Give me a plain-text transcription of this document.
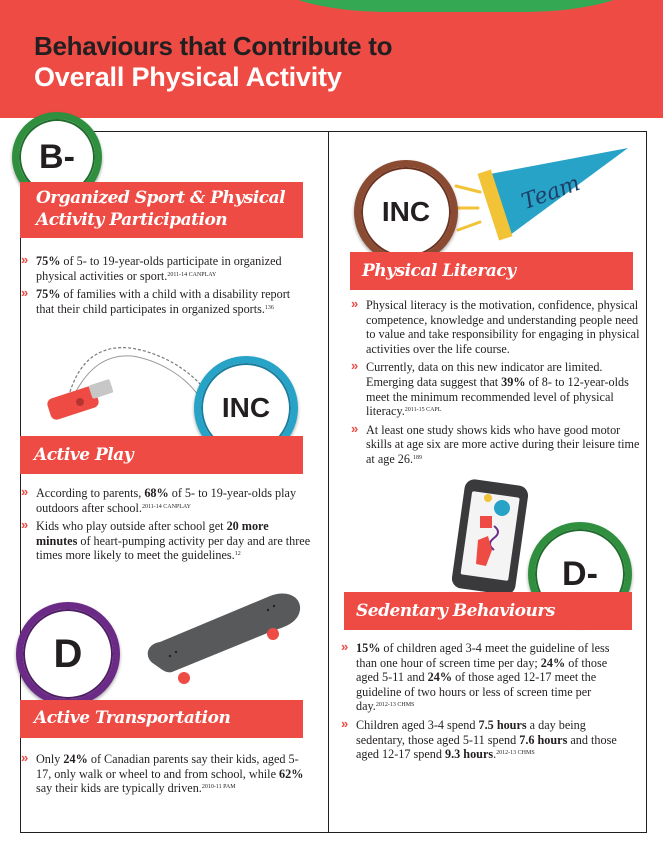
Behaviours that Contribute to
Overall Physical Activity
B-
Organized Sport & Physical
Activity Participation
» 75% of 5- to 19-year-olds participate in organized physical activities or sport.$^{2011-14 CANPLAY}$
» 75% of families with a child with a disability report that their child participates in organized sports.$^{136}$
INC
Active Play
» According to parents, 68% of 5- to 19-year-olds play outdoors after school.$^{2011-14 CANPLAY}$
» Kids who play outside after school get 20 more minutes of heart-pumping activity per day and are three times more likely to meet the guidelines.$^{12}$
D
Active Transportation
» Only 24% of Canadian parents say their kids, aged 5-17, only walk or wheel to and from school, while 62% say their kids are typically driven.$^{2010-11 PAM}$
Team
INC
Physical Literacy
» Physical literacy is the motivation, confidence, physical competence, knowledge and understanding people need to value and take responsibility for engaging in physical activities over the life course.
» Currently, data on this new indicator are limited. Emerging data suggest that 39% of 8- to 12-year-olds meet the minimum recommended level of physical literacy.$^{2011-15 CAPL}$
» At least one study shows kids who have good motor skills at age six are more active during their leisure time at age 26.$^{189}$
D-
Sedentary Behaviours
» 15% of children aged 3-4 meet the guideline of less than one hour of screen time per day; 24% of those aged 5-11 and 24% of those aged 12-17 meet the guideline of two hours or less of screen time per day.$^{2012-13 CHMS}$
» Children aged 3-4 spend 7.5 hours a day being sedentary, those aged 5-11 spend 7.6 hours and those aged 12-17 spend 9.3 hours.$^{2012-13 CHMS}$
